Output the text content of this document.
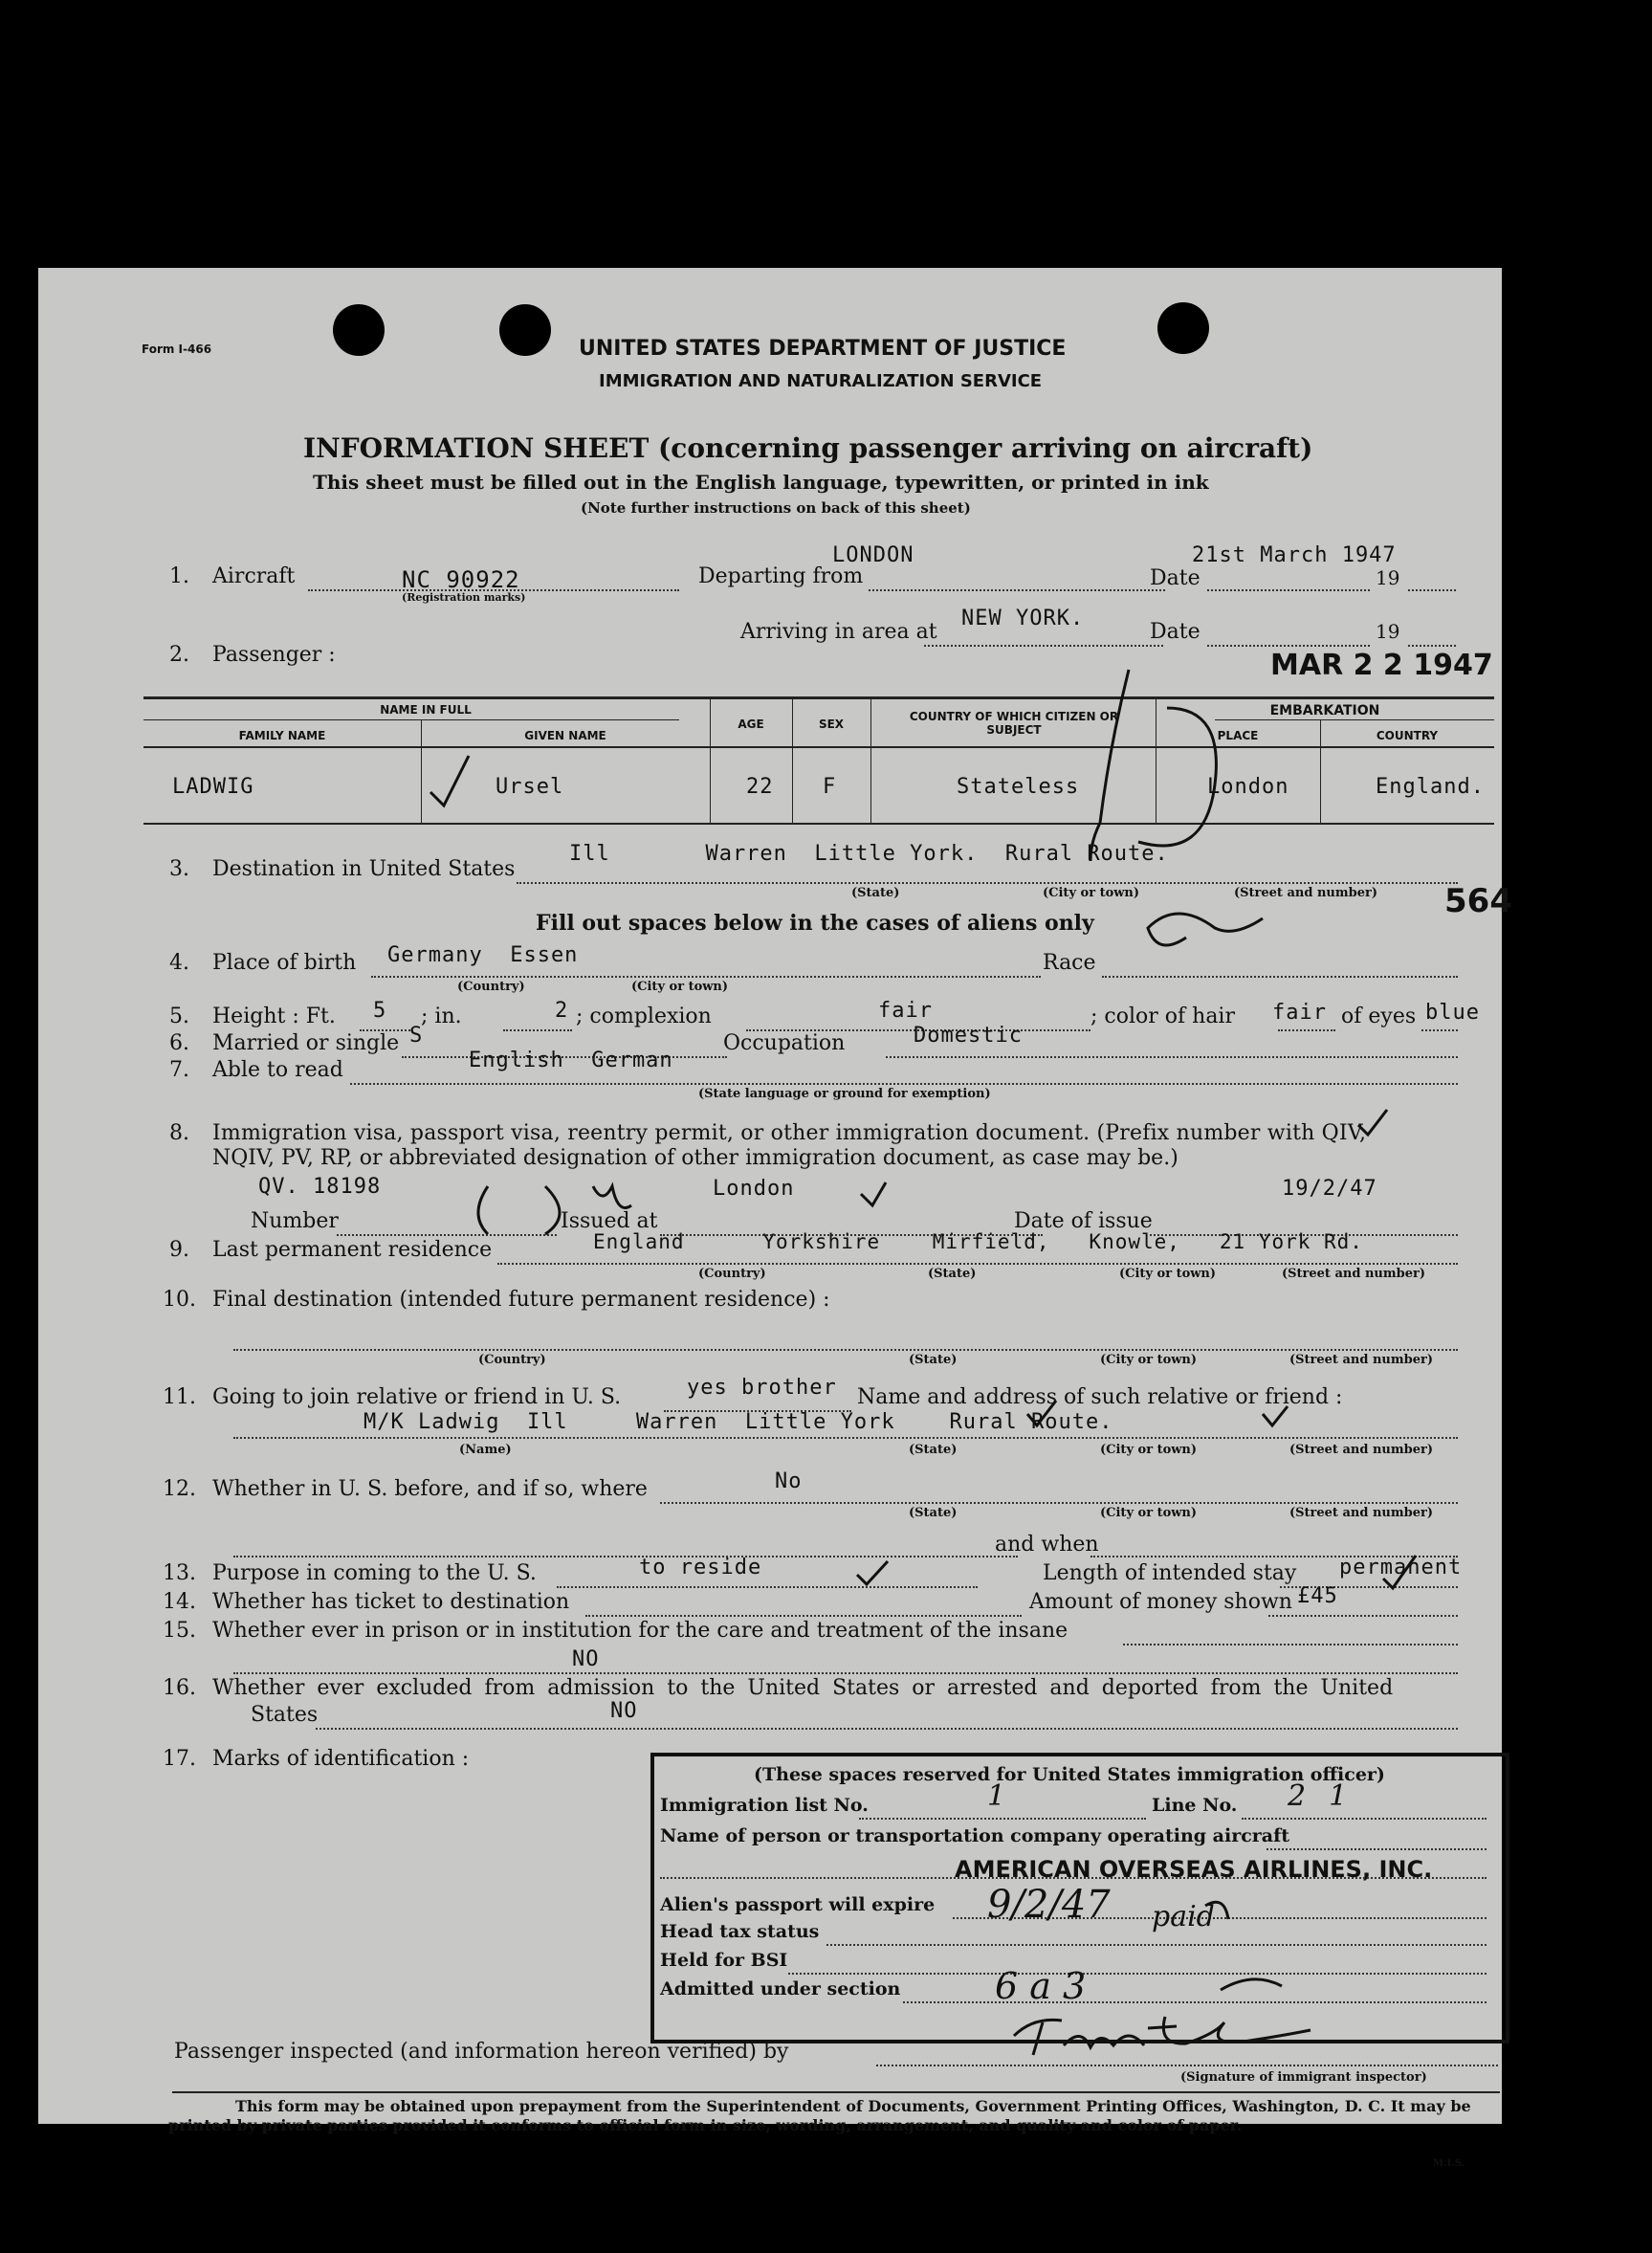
Form I-466	UNITED STATES DEPARTMENT OF JUSTICE
IMMIGRATION AND NATURALIZATION SERVICE
INFORMATION SHEET (concerning passenger arriving on aircraft)
This sheet must be filled out in the English language, typewritten, or printed in ink
(Note further instructions on back of this sheet)
1. Aircraft	NC 90922
(Registration marks)
Departing from
LONDON
Date
21st March 1947
19
Arriving in area at
NEW YORK.
Date	19
2. Passenger :	MAR 2 2 1947
NAME IN FULL
FAMILY NAME	GIVEN NAME
AGE	SEX
COUNTRY OF WHICH CITIZEN OR SUBJECT
EMBARKATION
PLACE	COUNTRY
LADWIG	Ursel	22 F	Stateless	London	England.
3. Destination in United States
Ill       Warren  Little York.  Rural Route.
(State)	(City or town)	(Street and number) 564
Fill out spaces below in the cases of aliens only
4. Place of birth Germany  Essen
(Country)	(City or town)
Race
5. Height : Ft. 5 ; in.	2 ; complexion	fair	; color of hair fair of eyes blue
6. Married or single S	Occupation	Domestic
7. Able to read	English  German
(State language or ground for exemption)
8. Immigration visa, passport visa, reentry permit, or other immigration document. (Prefix number with QIV,
NQIV, PV, RP, or abbreviated designation of other immigration document, as case may be.)
QV. 18198	London	19/2/47
Number	Issued at	Date of issue
9. Last permanent residence	England      Yorkshire    Mirfield,   Knowle,   21 York Rd.
(Country)	(State)	(City or town)	(Street and number)
10. Final destination (intended future permanent residence) :
(Country)	(State)	(City or town)	(Street and number)
11. Going to join relative or friend in U. S.	yes brother Name and address of such relative or friend :
M/K Ladwig  Ill     Warren  Little York    Rural Route.
(Name)	(State)	(City or town)	(Street and number)
12. Whether in U. S. before, and if so, where	No
(State)	(City or town)	(Street and number)
and when
13. Purpose in coming to the U. S.	to reside	Length of intended stay permanent
14. Whether has ticket to destination	Amount of money shown £45
15. Whether ever in prison or in institution for the care and treatment of the insane
NO
16. Whether ever excluded from admission to the United States or arrested and deported from the United
States	NO
17. Marks of identification :
(These spaces reserved for United States immigration officer)
Immigration list No.	1	Line No. 21
Name of person or transportation company operating aircraft
AMERICAN OVERSEAS AIRLINES, INC.
Alien's passport will expire 9/2/47
Head tax status	paid
Held for BSI
Admitted under section	6 a 3
Passenger inspected (and information hereon verified) by
(Signature of immigrant inspector)
This form may be obtained upon prepayment from the Superintendent of Documents, Government Printing Offices, Washington, D. C. It may be printed by private parties provided it conforms to official form in size, wording, arrangement, and quality and color of paper.
M.I.S.
